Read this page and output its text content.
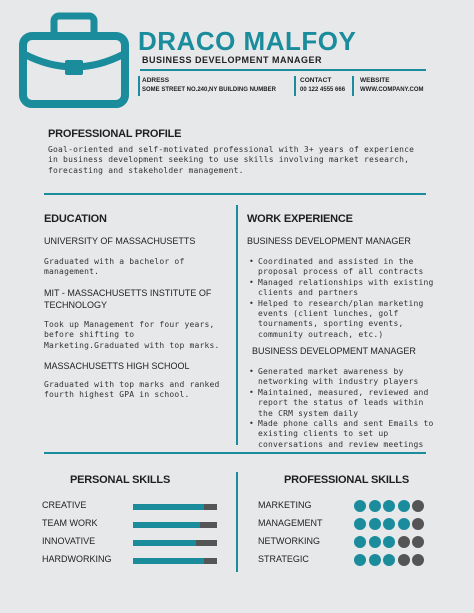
DRACO MALFOY
BUSINESS DEVELOPMENT MANAGER
ADRESS
SOME STREET NO.240,NY BUILDING NUMBER
CONTACT
00 122 4555 666
WEBSITE
WWW.COMPANY.COM
PROFESSIONAL PROFILE
Goal-oriented and self-motivated professional with 3+ years of experience in business development seeking to use skills involving market research, forecasting and stakeholder management.
EDUCATION
UNIVERSITY OF MASSACHUSETTS
Graduated with a bachelor of management.
MIT - MASSACHUSETTS INSTITUTE OF TECHNOLOGY
Took up Management for four years, before shifting to Marketing.Graduated with top marks.
MASSACHUSETTS HIGH SCHOOL
Graduated with top marks and ranked fourth highest GPA in school.
WORK EXPERIENCE
BUSINESS DEVELOPMENT MANAGER
• Coordinated and assisted in the proposal process of all contracts
• Managed relationships with existing clients and partners
• Helped to research/plan marketing events (client lunches, golf tournaments, sporting events, community outreach, etc.)
BUSINESS DEVELOPMENT MANAGER
• Generated market awareness by networking with industry players
• Maintained, measured, reviewed and report the status of leads within the CRM system daily
• Made phone calls and sent Emails to existing clients to set up conversations and review meetings
PERSONAL SKILLS
CREATIVE
TEAM WORK
INNOVATIVE
HARDWORKING
PROFESSIONAL SKILLS
MARKETING
MANAGEMENT
NETWORKING
STRATEGIC
